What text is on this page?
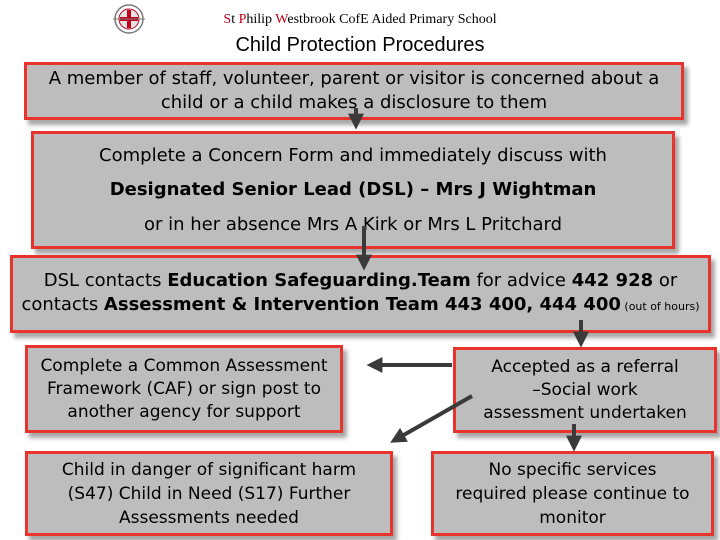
St Philip Westbrook CofE Aided Primary School
Child Protection Procedures
A member of staff, volunteer, parent or visitor is concerned about a
child or a child makes a disclosure to them
Complete a Concern Form and immediately discuss with
Designated Senior Lead (DSL) – Mrs J Wightman
or in her absence Mrs A Kirk or Mrs L Pritchard
DSL contacts Education Safeguarding.Team for advice 442 928 or
contacts Assessment & Intervention Team 443 400, 444 400 (out of hours)
Complete a Common Assessment
Framework (CAF) or sign post to
another agency for support
Accepted as a referral
–Social work
assessment undertaken
Child in danger of significant harm
(S47) Child in Need (S17) Further
Assessments needed
No specific services
required please continue to
monitor
